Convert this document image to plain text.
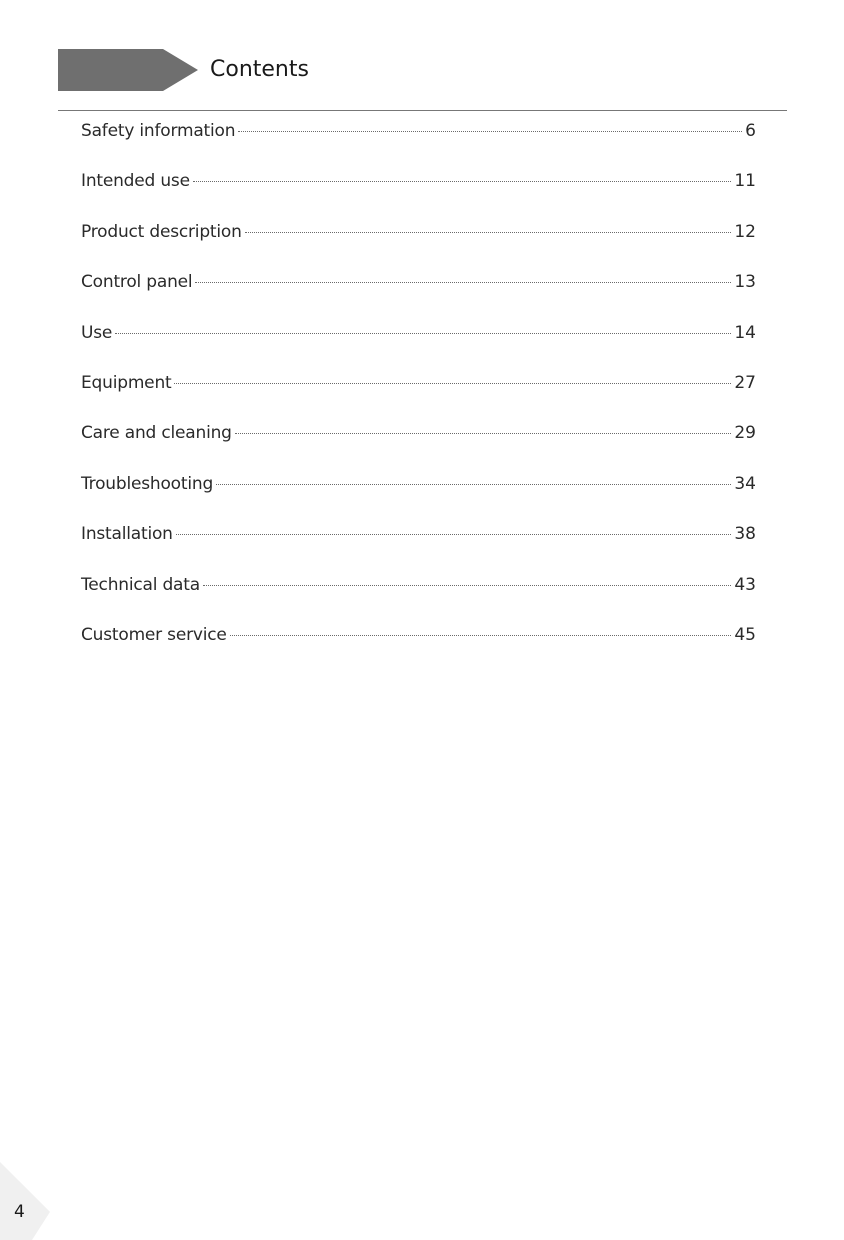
Contents
Safety information	6
Intended use	11
Product description	12
Control panel	13
Use	14
Equipment	27
Care and cleaning	29
Troubleshooting	34
Installation	38
Technical data	43
Customer service	45
4
